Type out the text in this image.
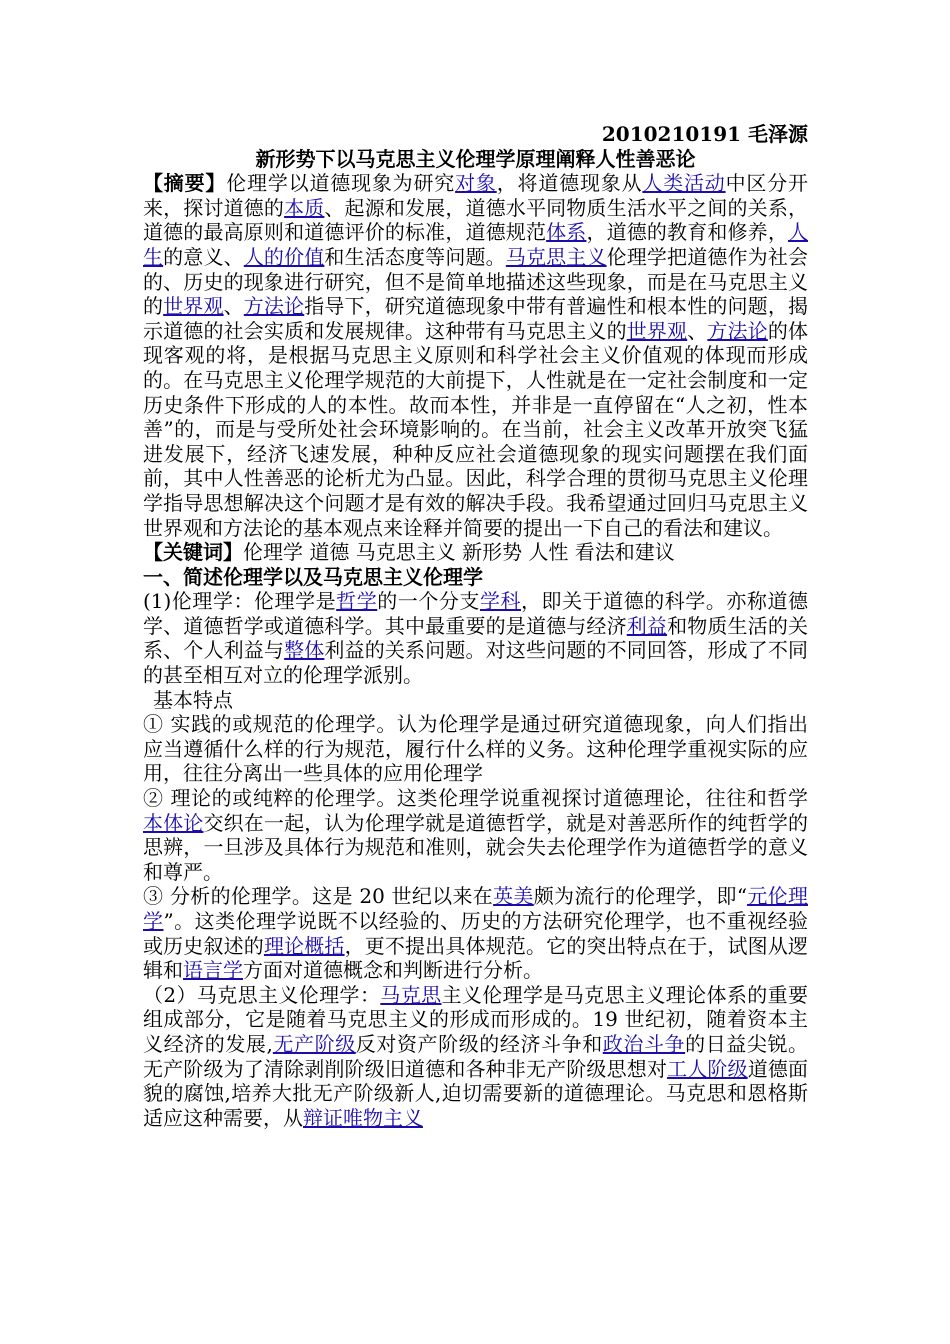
2010210191 毛泽源

新形势下以马克思主义伦理学原理阐释人性善恶论

【摘要】伦理学以道德现象为研究对象，将道德现象从人类活动中区分开来，探讨道德的本质、起源和发展，道德水平同物质生活水平之间的关系，道德的最高原则和道德评价的标准，道德规范体系，道德的教育和修养，人生的意义、人的价值和生活态度等问题。马克思主义伦理学把道德作为社会的、历史的现象进行研究，但不是简单地描述这些现象，而是在马克思主义的世界观、方法论指导下，研究道德现象中带有普遍性和根本性的问题，揭示道德的社会实质和发展规律。这种带有马克思主义的世界观、方法论的体现客观的将，是根据马克思主义原则和科学社会主义价值观的体现而形成的。在马克思主义伦理学规范的大前提下，人性就是在一定社会制度和一定历史条件下形成的人的本性。故而本性，并非是一直停留在“人之初，性本善”的，而是与受所处社会环境影响的。在当前，社会主义改革开放突飞猛进发展下，经济飞速发展，种种反应社会道德现象的现实问题摆在我们面前，其中人性善恶的论析尤为凸显。因此，科学合理的贯彻马克思主义伦理学指导思想解决这个问题才是有效的解决手段。我希望通过回归马克思主义世界观和方法论的基本观点来诠释并简要的提出一下自己的看法和建议。

【关键词】伦理学 道德 马克思主义 新形势 人性 看法和建议

一、简述伦理学以及马克思主义伦理学

(1)伦理学：伦理学是哲学的一个分支学科，即关于道德的科学。亦称道德学、道德哲学或道德科学。其中最重要的是道德与经济利益和物质生活的关系、个人利益与整体利益的关系问题。对这些问题的不同回答，形成了不同的甚至相互对立的伦理学派别。

基本特点

① 实践的或规范的伦理学。认为伦理学是通过研究道德现象，向人们指出应当遵循什么样的行为规范，履行什么样的义务。这种伦理学重视实际的应用，往往分离出一些具体的应用伦理学

② 理论的或纯粹的伦理学。这类伦理学说重视探讨道德理论，往往和哲学本体论交织在一起，认为伦理学就是道德哲学，就是对善恶所作的纯哲学的思辨，一旦涉及具体行为规范和准则，就会失去伦理学作为道德哲学的意义和尊严。

③ 分析的伦理学。这是 20 世纪以来在英美颇为流行的伦理学，即“元伦理学”。这类伦理学说既不以经验的、历史的方法研究伦理学，也不重视经验或历史叙述的理论概括，更不提出具体规范。它的突出特点在于，试图从逻辑和语言学方面对道德概念和判断进行分析。

（2）马克思主义伦理学：马克思主义伦理学是马克思主义理论体系的重要组成部分，它是随着马克思主义的形成而形成的。19 世纪初，随着资本主义经济的发展,无产阶级反对资产阶级的经济斗争和政治斗争的日益尖锐。无产阶级为了清除剥削阶级旧道德和各种非无产阶级思想对工人阶级道德面貌的腐蚀,培养大批无产阶级新人,迫切需要新的道德理论。马克思和恩格斯适应这种需要，从辩证唯物主义
